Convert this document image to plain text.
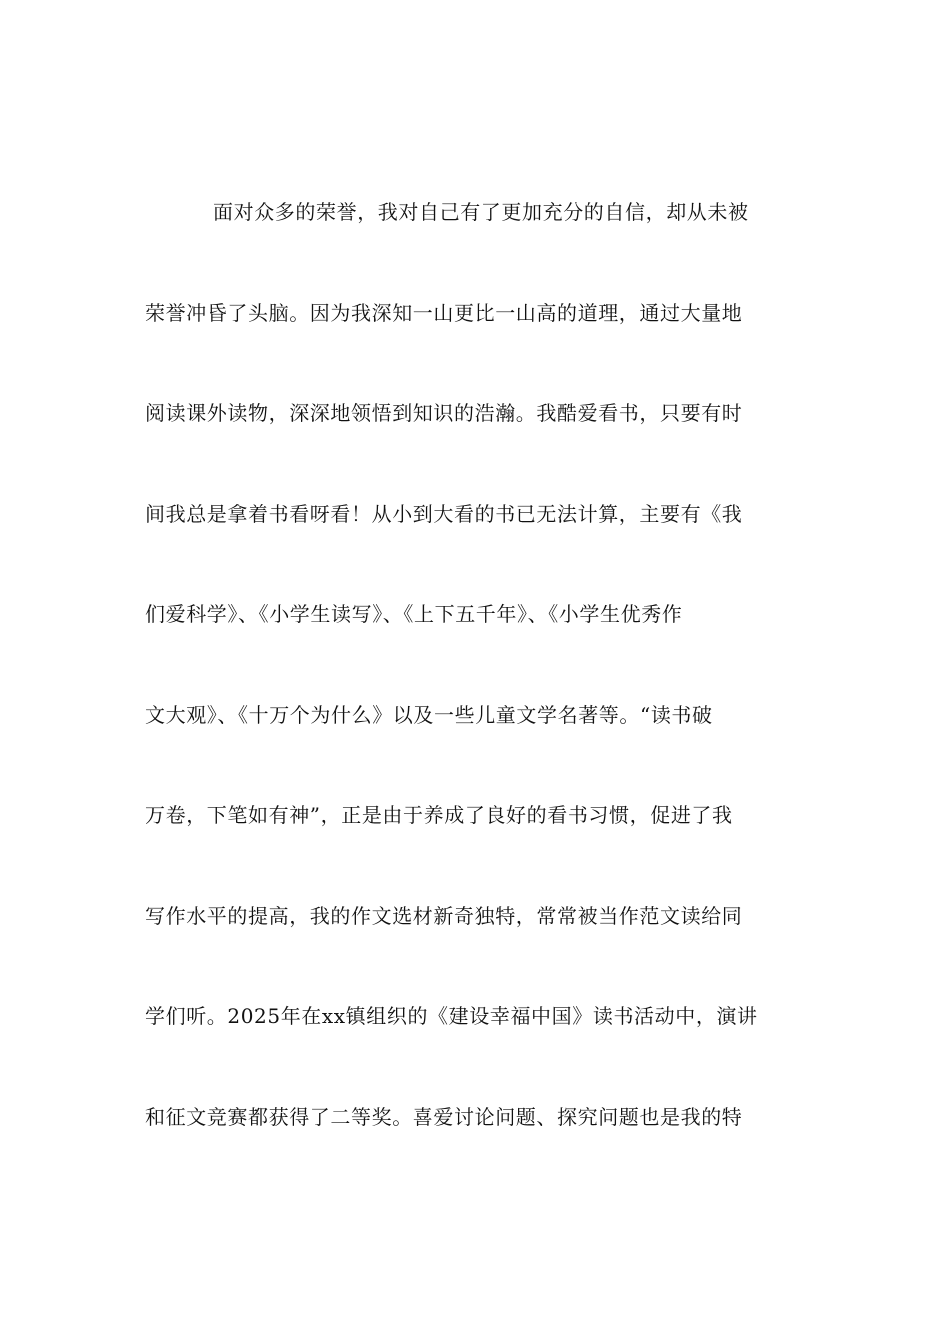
面对众多的荣誉，我对自己有了更加充分的自信，却从未被
荣誉冲昏了头脑。因为我深知一山更比一山高的道理，通过大量地
阅读课外读物，深深地领悟到知识的浩瀚。我酷爱看书，只要有时
间我总是拿着书看呀看！从小到大看的书已无法计算，主要有《我
们爱科学》、《小学生读写》、《上下五千年》、《小学生优秀作
文大观》、《十万个为什么》以及一些儿童文学名著等。“读书破
万卷，下笔如有神”，正是由于养成了良好的看书习惯，促进了我
写作水平的提高，我的作文选材新奇独特，常常被当作范文读给同
学们听。2025年在xx镇组织的《建设幸福中国》读书活动中，演讲
和征文竞赛都获得了二等奖。喜爱讨论问题、探究问题也是我的特
